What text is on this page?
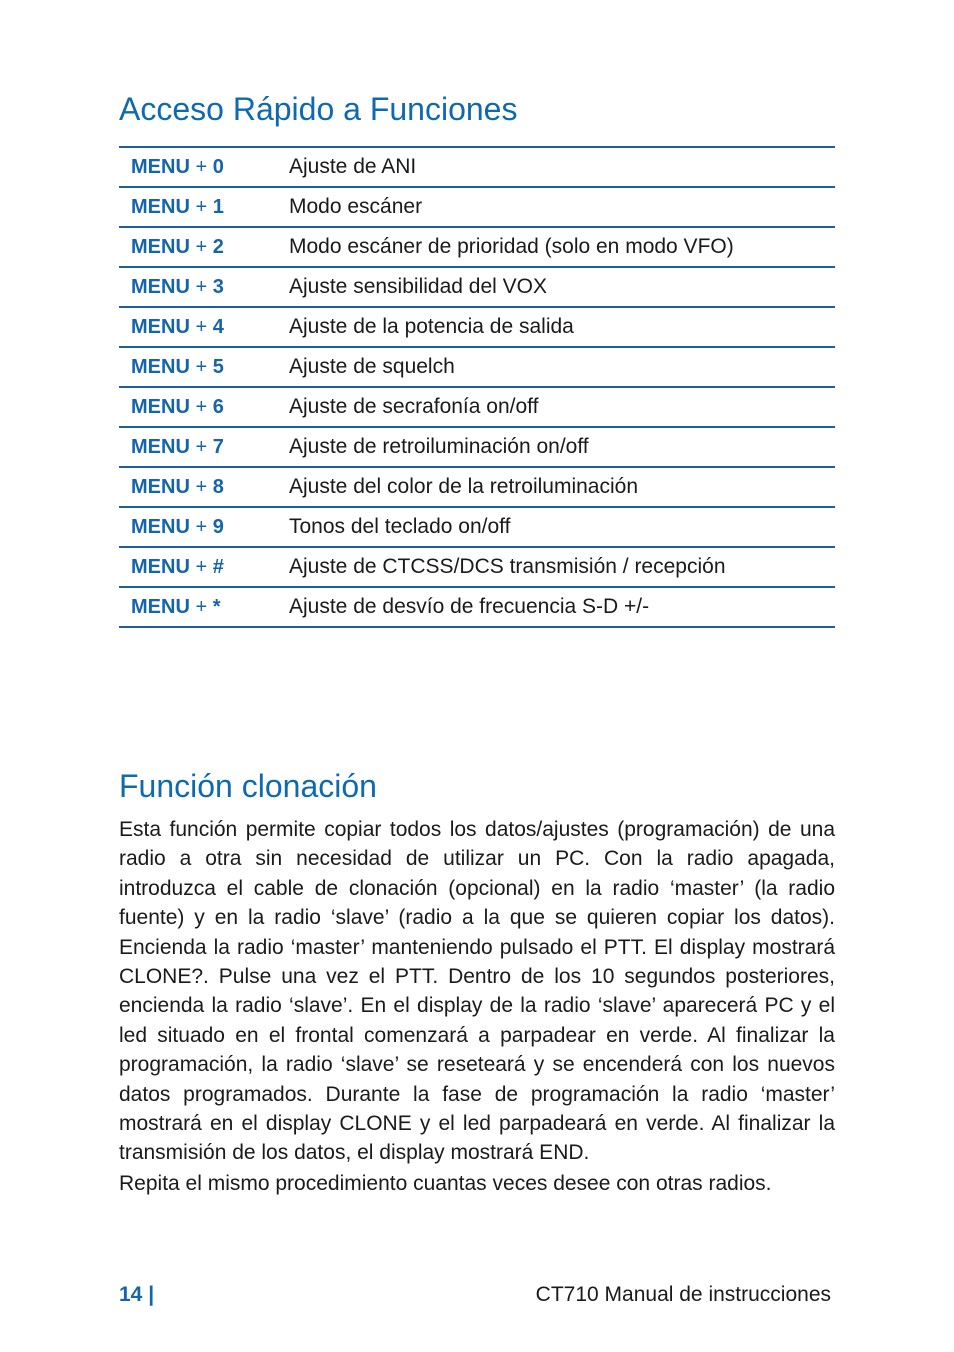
Acceso Rápido a Funciones
MENU + 0	Ajuste de ANI
MENU + 1	Modo escáner
MENU + 2	Modo escáner de prioridad (solo en modo VFO)
MENU + 3	Ajuste sensibilidad del VOX
MENU + 4	Ajuste de la potencia de salida
MENU + 5	Ajuste de squelch
MENU + 6	Ajuste de secrafonía on/off
MENU + 7	Ajuste de retroiluminación on/off
MENU + 8	Ajuste del color de la retroiluminación
MENU + 9	Tonos del teclado on/off
MENU + #	Ajuste de CTCSS/DCS transmisión / recepción
MENU + *	Ajuste de desvío de frecuencia S-D +/-
Función clonación

Esta función permite copiar todos los datos/ajustes (programación) de una radio a otra sin necesidad de utilizar un PC. Con la radio apagada, introduzca el cable de clonación (opcional) en la radio ‘master’ (la radio fuente) y en la radio ‘slave’ (radio a la que se quieren copiar los datos). Encienda la radio ‘master’ manteniendo pulsado el PTT. El display mostrará CLONE?. Pulse una vez el PTT. Dentro de los 10 segundos posteriores, encienda la radio ‘slave’. En el display de la radio ‘slave’ aparecerá PC y el led situado en el frontal comenzará a parpadear en verde. Al finalizar la programación, la radio ‘slave’ se reseteará y se encenderá con los nuevos datos programados. Durante la fase de programación la radio ‘master’ mostrará en el display CLONE y el led parpadeará en verde. Al finalizar la transmisión de los datos, el display mostrará END.

Repita el mismo procedimiento cuantas veces desee con otras radios.

14 |	CT710 Manual de instrucciones
